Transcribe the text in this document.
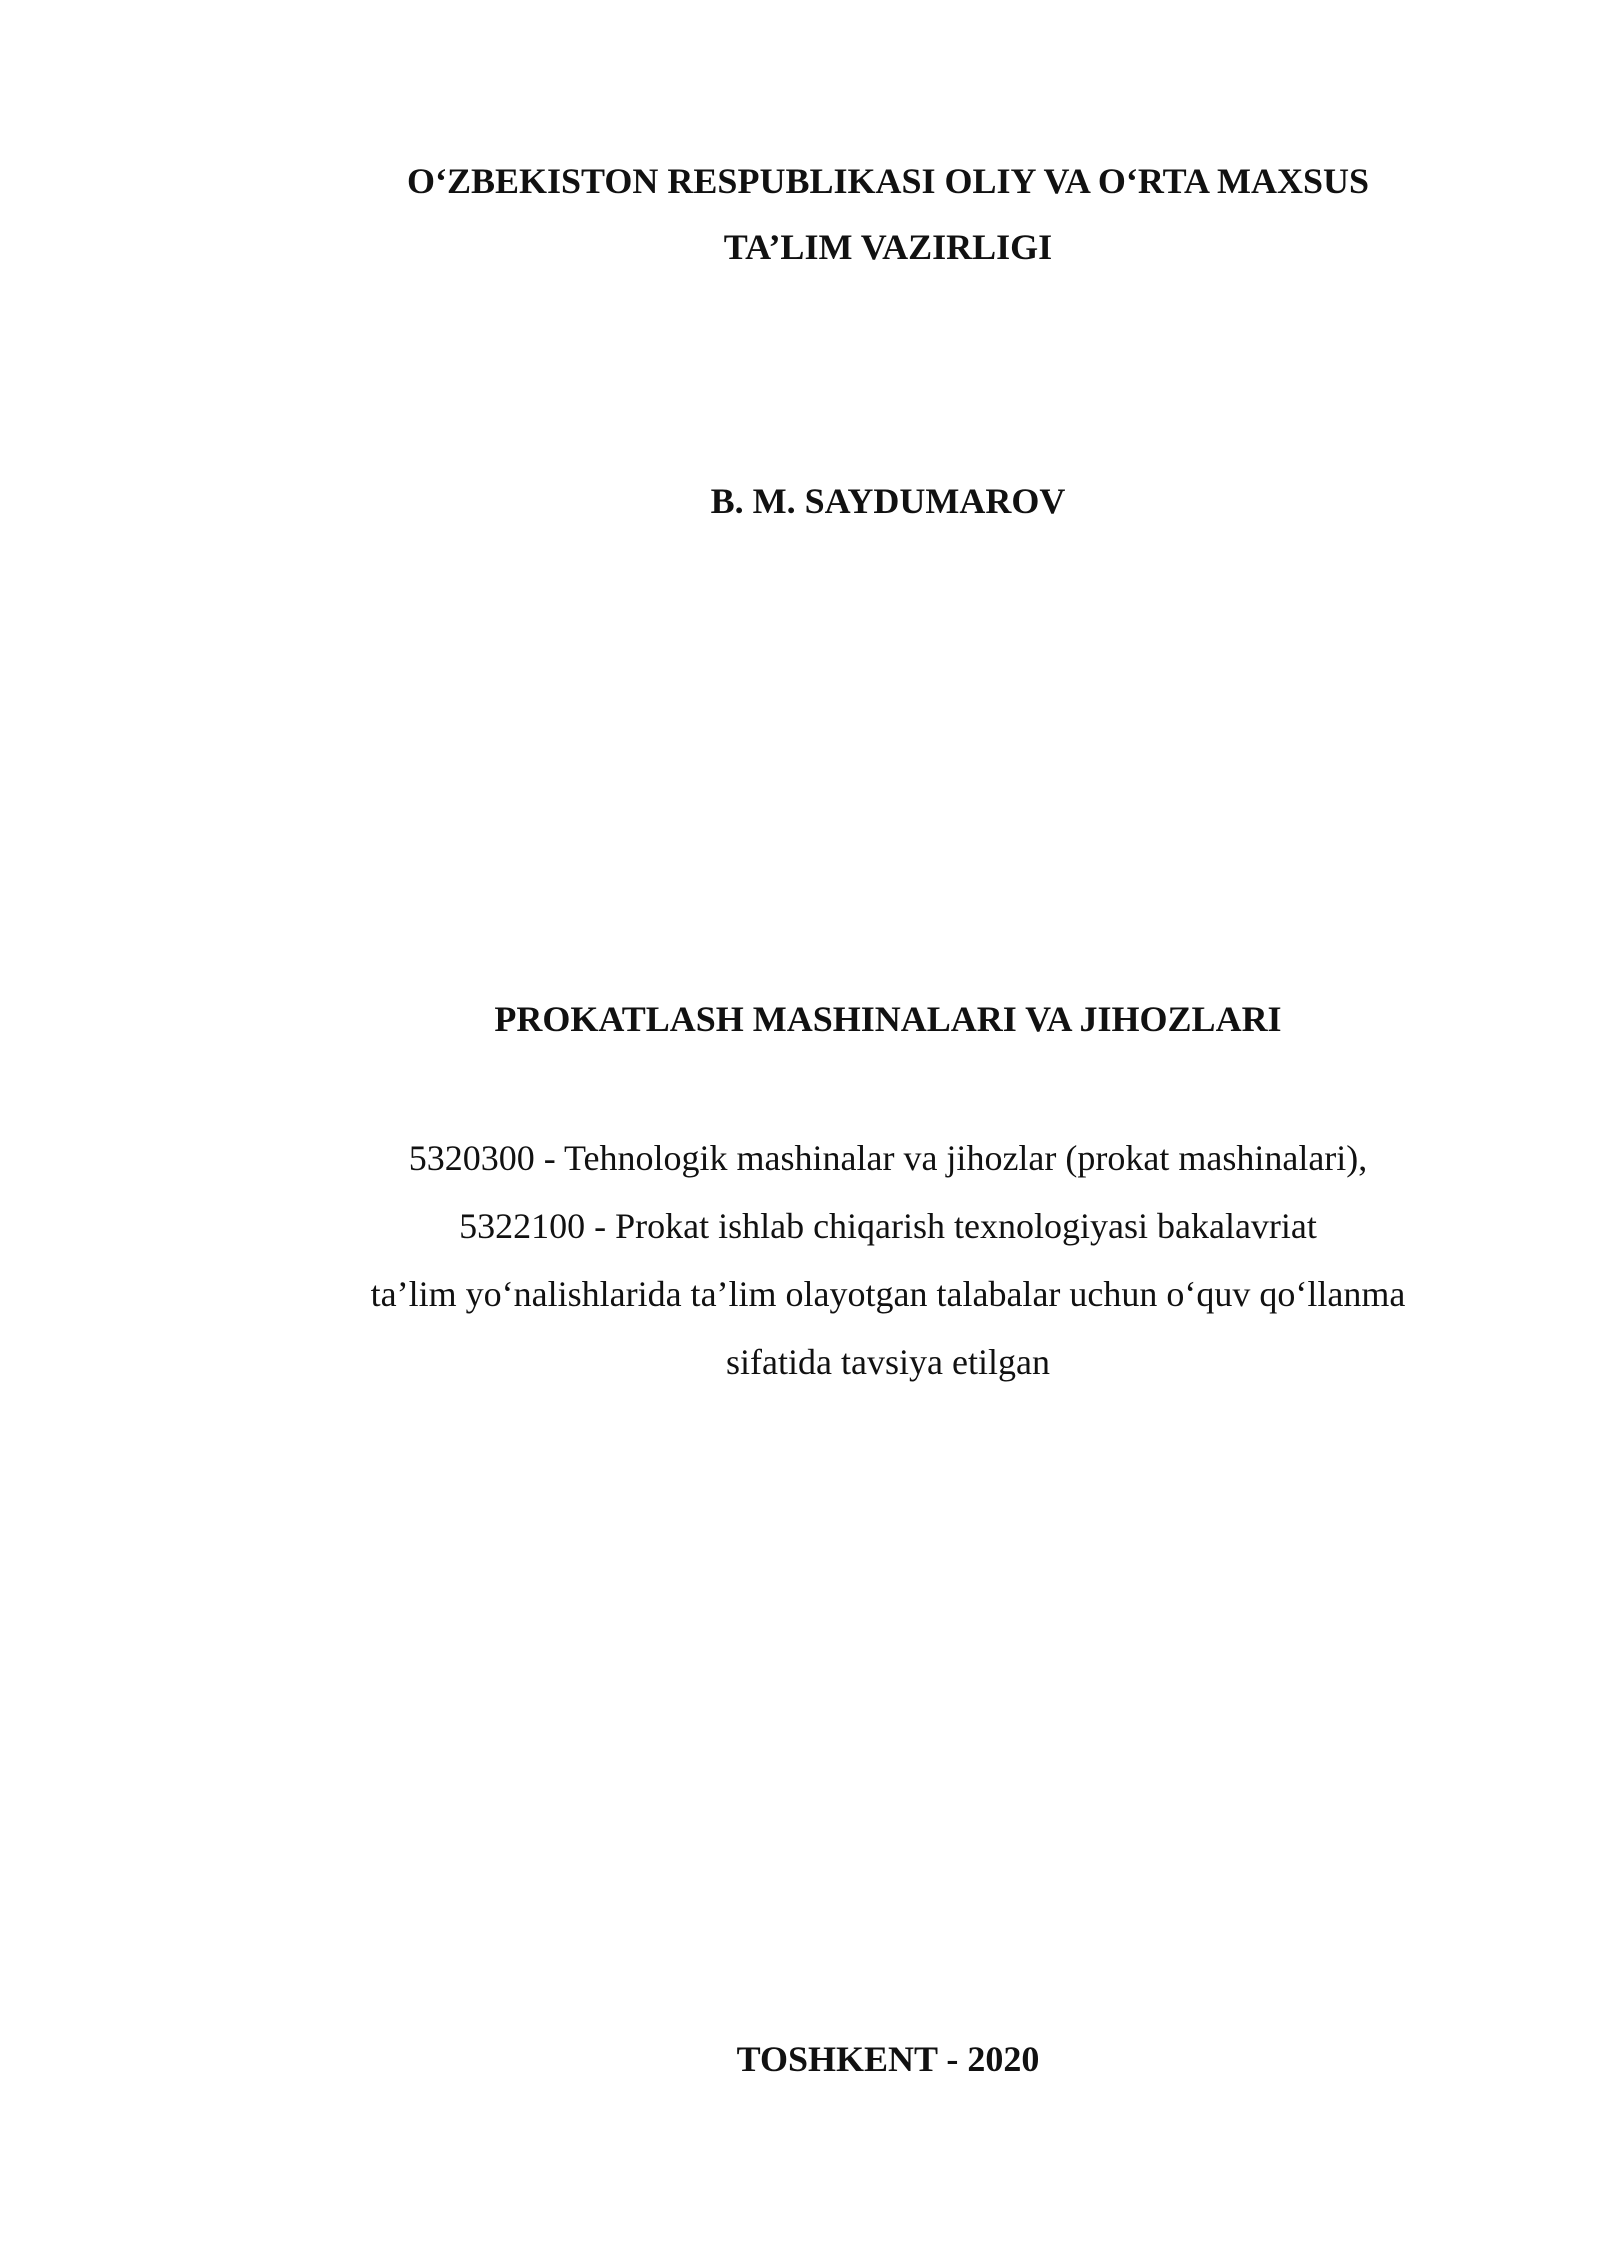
O‘ZBEKISTON RESPUBLIKASI OLIY VA O‘RTA MAXSUS
TA’LIM VAZIRLIGI
B. M. SAYDUMAROV
PROKATLASH MASHINALARI VA JIHOZLARI
5320300 - Tehnologik mashinalar va jihozlar (prokat mashinalari),
5322100 - Prokat ishlab chiqarish texnologiyasi bakalavriat
ta’lim yo‘nalishlarida ta’lim olayotgan talabalar uchun o‘quv qo‘llanma
sifatida tavsiya etilgan
TOSHKENT - 2020
